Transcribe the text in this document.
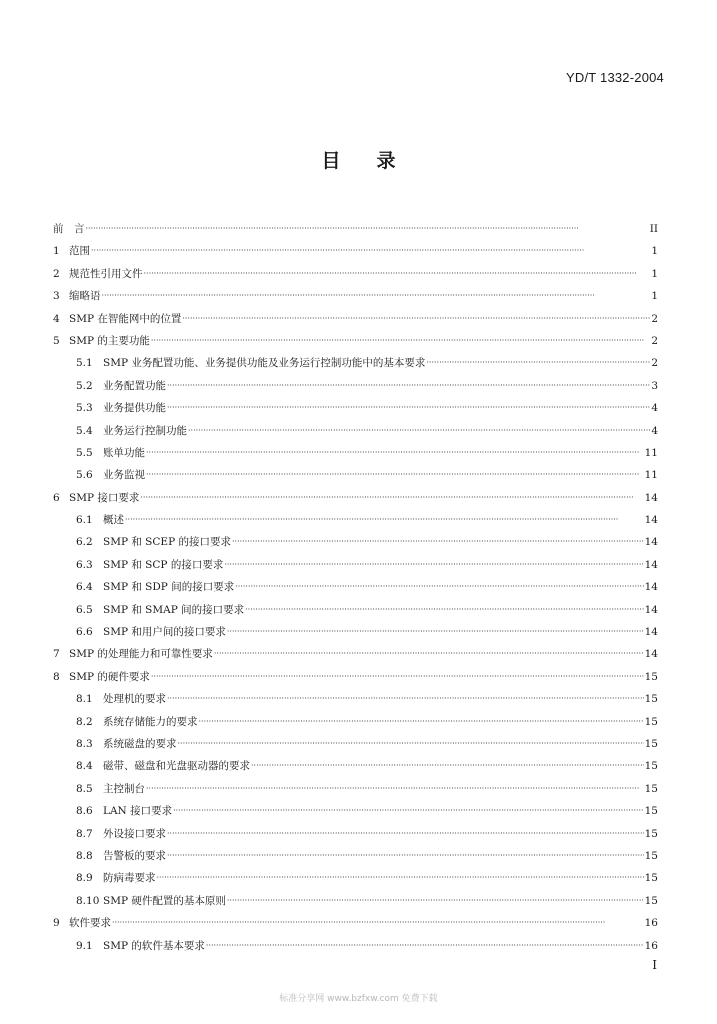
YD/T 1332-2004
目录
前　言 ·····	II
1 范围 ·····	1
2 规范性引用文件 ·····	1
3 缩略语 ·····	1
4 SMP 在智能网中的位置 ·····	2
5 SMP 的主要功能 ·····	2
5.1 SMP 业务配置功能、业务提供功能及业务运行控制功能中的基本要求 ·····	2
5.2 业务配置功能 ·····	3
5.3 业务提供功能 ·····	4
5.4 业务运行控制功能 ·····	4
5.5 账单功能 ·····	11
5.6 业务监视 ·····	11
6 SMP 接口要求 ·····	14
6.1 概述 ·····	14
6.2 SMP 和 SCEP 的接口要求 ·····	14
6.3 SMP 和 SCP 的接口要求 ·····	14
6.4 SMP 和 SDP 间的接口要求 ·····	14
6.5 SMP 和 SMAP 间的接口要求 ·····	14
6.6 SMP 和用户间的接口要求 ·····	14
7 SMP 的处理能力和可靠性要求 ·····	14
8 SMP 的硬件要求 ·····	15
8.1 处理机的要求 ·····	15
8.2 系统存储能力的要求 ·····	15
8.3 系统磁盘的要求 ·····	15
8.4 磁带、磁盘和光盘驱动器的要求 ·····	15
8.5 主控制台 ·····	15
8.6 LAN 接口要求 ·····	15
8.7 外设接口要求 ·····	15
8.8 告警板的要求 ·····	15
8.9 防病毒要求 ·····	15
8.10 SMP 硬件配置的基本原则 ·····	15
9 软件要求 ·····	16
9.1 SMP 的软件基本要求 ·····	16
I
标准分享网 www.bzfxw.com 免费下载
